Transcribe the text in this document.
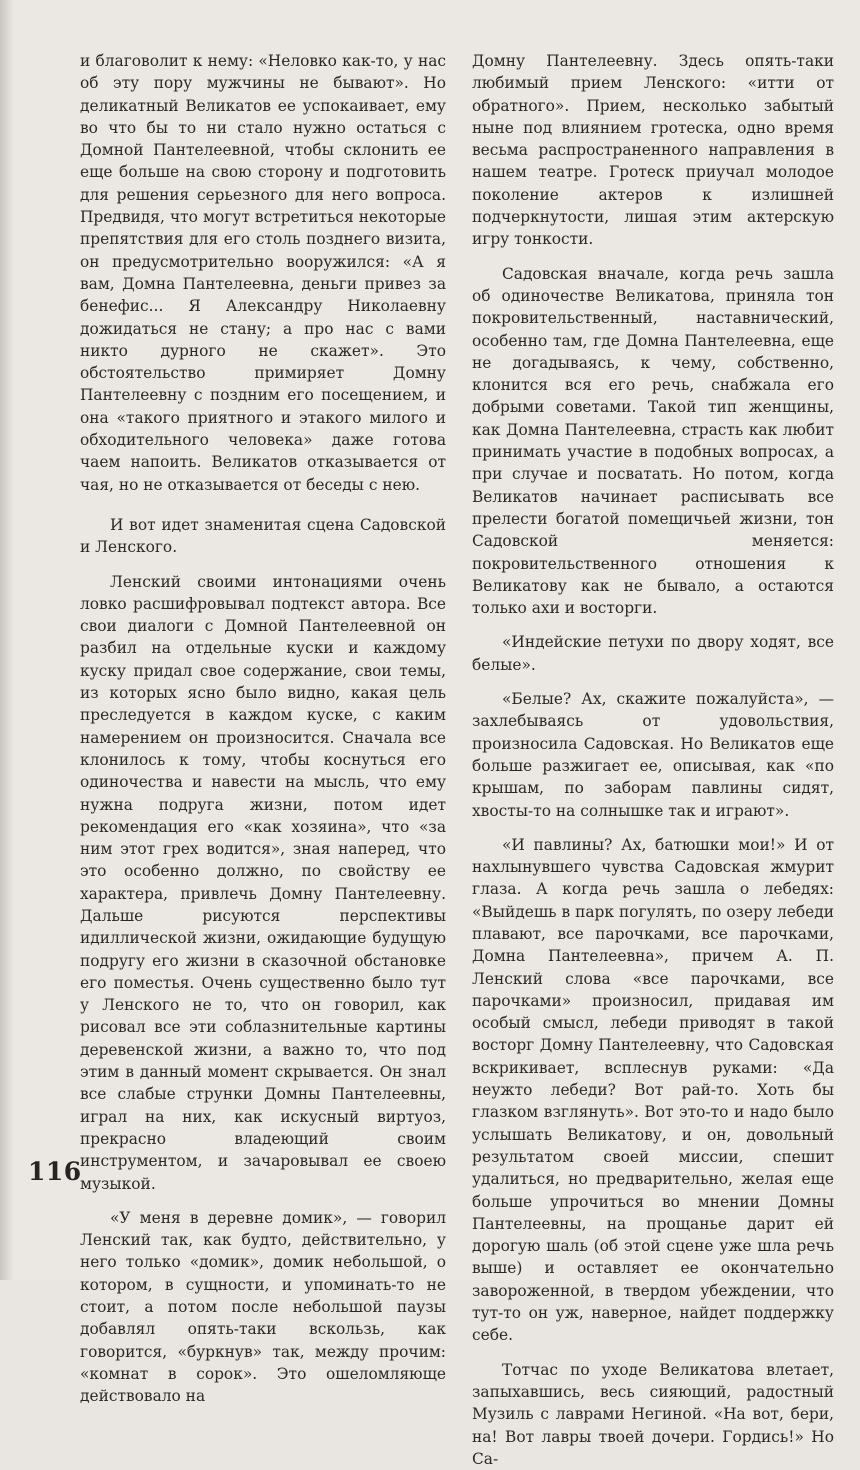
и благоволит к нему: «Неловко как-то, у нас об эту пору мужчины не бывают». Но деликатный Великатов ее успокаивает, ему во что бы то ни стало нужно остаться с Домной Пантелеевной, чтобы склонить ее еще больше на свою сторону и подготовить для решения серьезного для него вопроса. Предвидя, что могут встретиться некоторые препятствия для его столь позднего визита, он предусмотрительно вооружился: «А я вам, Домна Пантелеевна, деньги привез за бенефис... Я Александру Николаевну дожидаться не стану; а про нас с вами никто дурного не скажет». Это обстоятельство примиряет Домну Пантелеевну с поздним его посещением, и она «такого приятного и этакого милого и обходительного человека» даже готова чаем напоить. Великатов отказывается от чая, но не отказывается от беседы с нею.

И вот идет знаменитая сцена Садовской и Ленского.

Ленский своими интонациями очень ловко расшифровывал подтекст автора. Все свои диалоги с Домной Пантелеевной он разбил на отдельные куски и каждому куску придал свое содержание, свои темы, из которых ясно было видно, какая цель преследуется в каждом куске, с каким намерением он произносится. Сначала все клонилось к тому, чтобы коснуться его одиночества и навести на мысль, что ему нужна подруга жизни, потом идет рекомендация его «как хозяина», что «за ним этот грех водится», зная наперед, что это особенно должно, по свойству ее характера, привлечь Домну Пантелеевну. Дальше рисуются перспективы идиллической жизни, ожидающие будущую подругу его жизни в сказочной обстановке его поместья. Очень существенно было тут у Ленского не то, что он говорил, как рисовал все эти соблазнительные картины деревенской жизни, а важно то, что под этим в данный момент скрывается. Он знал все слабые струнки Домны Пантелеевны, играл на них, как искусный виртуоз, прекрасно владеющий своим инструментом, и зачаровывал ее своею музыкой.

«У меня в деревне домик», — говорил Ленский так, как будто, действительно, у него только «домик», домик небольшой, о котором, в сущности, и упоминать-то не стоит, а потом после небольшой паузы добавлял опять-таки вскользь, как говорится, «буркнув» так, между прочим: «комнат в сорок». Это ошеломляюще действовало на

Домну Пантелеевну. Здесь опять-таки любимый прием Ленского: «итти от обратного». Прием, несколько забытый ныне под влиянием гротеска, одно время весьма распространенного направления в нашем театре. Гротеск приучал молодое поколение актеров к излишней подчеркнутости, лишая этим актерскую игру тонкости.

Садовская вначале, когда речь зашла об одиночестве Великатова, приняла тон покровительственный, наставнический, особенно там, где Домна Пантелеевна, еще не догадываясь, к чему, собственно, клонится вся его речь, снабжала его добрыми советами. Такой тип женщины, как Домна Пантелеевна, страсть как любит принимать участие в подобных вопросах, а при случае и посватать. Но потом, когда Великатов начинает расписывать все прелести богатой помещичьей жизни, тон Садовской меняется: покровительственного отношения к Великатову как не бывало, а остаются только ахи и восторги.

«Индейские петухи по двору ходят, все белые».

«Белые? Ах, скажите пожалуйста», — захлебываясь от удовольствия, произносила Садовская. Но Великатов еще больше разжигает ее, описывая, как «по крышам, по заборам павлины сидят, хвосты-то на солнышке так и играют».

«И павлины? Ах, батюшки мои!» И от нахлынувшего чувства Садовская жмурит глаза. А когда речь зашла о лебедях: «Выйдешь в парк погулять, по озеру лебеди плавают, все парочками, все парочками, Домна Пантелеевна», причем А. П. Ленский слова «все парочками, все парочками» произносил, придавая им особый смысл, лебеди приводят в такой восторг Домну Пантелеевну, что Садовская вскрикивает, всплеснув руками: «Да неужто лебеди? Вот рай-то. Хоть бы глазком взглянуть». Вот это-то и надо было услышать Великатову, и он, довольный результатом своей миссии, спешит удалиться, но предварительно, желая еще больше упрочиться во мнении Домны Пантелеевны, на прощанье дарит ей дорогую шаль (об этой сцене уже шла речь выше) и оставляет ее окончательно завороженной, в твердом убеждении, что тут-то он уж, наверное, найдет поддержку себе.

Тотчас по уходе Великатова влетает, запыхавшись, весь сияющий, радостный Музиль с лаврами Негиной. «На вот, бери, на! Вот лавры твоей дочери. Гордись!» Но Са-

116
